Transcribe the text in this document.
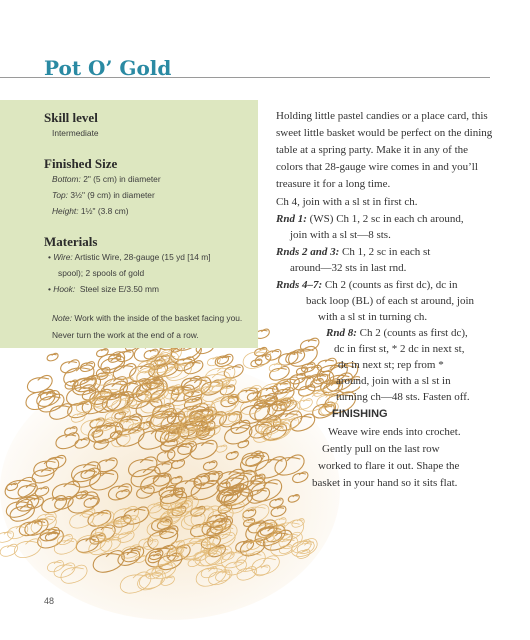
Pot O’ Gold
Skill level
Intermediate
Finished Size
Bottom: 2" (5 cm) in diameter
Top: 3½" (9 cm) in diameter
Height: 1½" (3.8 cm)
Materials
• Wire: Artistic Wire, 28-gauge (15 yd [14 m]
spool); 2 spools of gold
• Hook: Steel size E/3.50 mm
Note: Work with the inside of the basket facing you. Never turn the work at the end of a row.
Holding little pastel candies or a place card, this sweet little basket would be perfect on the dining table at a spring party. Make it in any of the colors that 28-gauge wire comes in and you’ll treasure it for a long time.
Ch 4, join with a sl st in first ch.
Rnd 1: (WS) Ch 1, 2 sc in each ch around,
join with a sl st—8 sts.
Rnds 2 and 3: Ch 1, 2 sc in each st
around—32 sts in last rnd.
Rnds 4–7: Ch 2 (counts as first dc), dc in
back loop (BL) of each st around, join
with a sl st in turning ch.
Rnd 8: Ch 2 (counts as first dc),
dc in first st, * 2 dc in next st,
dc in next st; rep from *
around, join with a sl st in
turning ch—48 sts. Fasten off.
FINISHING
Weave wire ends into crochet.
Gently pull on the last row
worked to flare it out. Shape the
basket in your hand so it sits flat.
48
